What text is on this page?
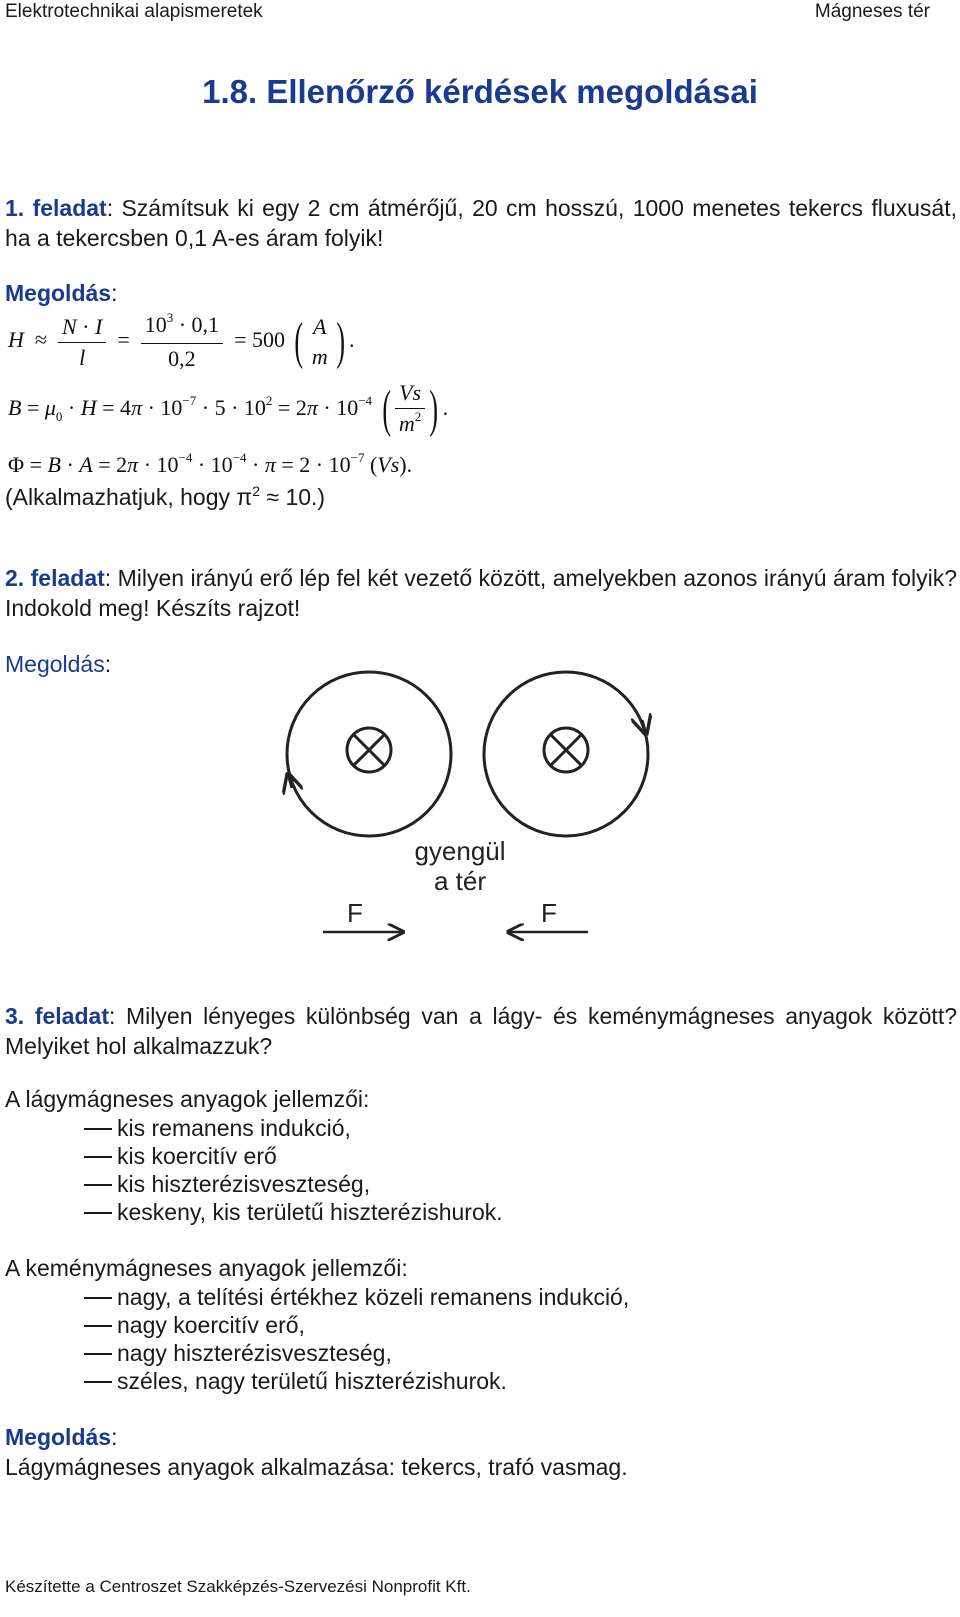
Elektrotechnikai alapismeretek	Mágneses tér
1.8. Ellenőrző kérdések megoldásai
1. feladat: Számítsuk ki egy 2 cm átmérőjű, 20 cm hosszú, 1000 menetes tekercs fluxusát, ha a tekercsben 0,1 A-es áram folyik!
Megoldás:
$H \approx \frac{N \cdot I}{l} = \frac{10^3 \cdot 0,1}{0,2} = 500$ ( A
m ) .
$B = \mu_0 \cdot H = 4\pi \cdot 10^{-7} \cdot 5 \cdot 10^2 = 2\pi \cdot 10^{-4}$ ( $\frac{Vs}{m^2}$ ) .
$\Phi = B \cdot A = 2\pi \cdot 10^{-4} \cdot 10^{-4} \cdot \pi = 2 \cdot 10^{-7}$ (Vs).
(Alkalmazhatjuk, hogy $\pi^2 \approx 10$.)
2. feladat: Milyen irányú erő lép fel két vezető között, amelyekben azonos irányú áram folyik? Indokold meg! Készíts rajzot!
Megoldás:
gyengül
a tér
F	F
3. feladat: Milyen lényeges különbség van a lágy- és keménymágneses anyagok között? Melyiket hol alkalmazzuk?
A lágymágneses anyagok jellemzői:
kis remanens indukció,
kis koercitív erő
kis hiszterézisveszteség,
keskeny, kis területű hiszterézishurok.
A keménymágneses anyagok jellemzői:
nagy, a telítési értékhez közeli remanens indukció,
nagy koercitív erő,
nagy hiszterézisveszteség,
széles, nagy területű hiszterézishurok.
Megoldás:
Lágymágneses anyagok alkalmazása: tekercs, trafó vasmag.
Készítette a Centroszet Szakképzés-Szervezési Nonprofit Kft.
